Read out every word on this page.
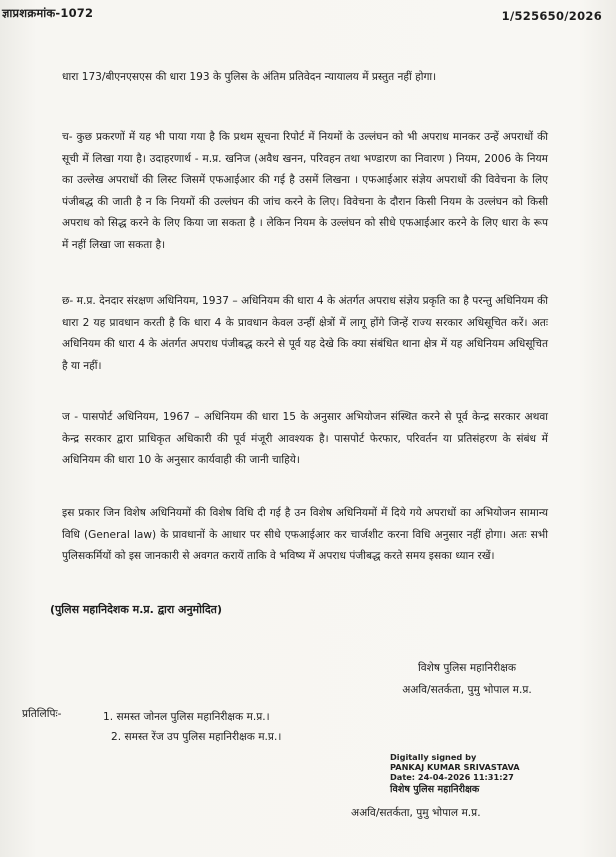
ज्ञाप्रशक्रमांक-1072	1/525650/2026
धारा 173/बीएनएसएस की धारा 193 के पुलिस के अंतिम प्रतिवेदन न्यायालय में प्रस्तुत नहीं होगा।
च- कुछ प्रकरणों में यह भी पाया गया है कि प्रथम सूचना रिपोर्ट में नियमों के उल्लंघन को भी अपराध मानकर उन्हें अपराधों की सूची में लिखा गया है। उदाहरणार्थ - म.प्र. खनिज (अवैध खनन, परिवहन तथा भण्डारण का निवारण ) नियम, 2006 के नियम का उल्लेख अपराधों की लिस्ट जिसमें एफआईआर की गई है उसमें लिखना । एफआईआर संज्ञेय अपराधों की विवेचना के लिए पंजीबद्ध की जाती है न कि नियमों की उल्लंघन की जांच करने के लिए। विवेचना के दौरान किसी नियम के उल्लंघन को किसी अपराध को सिद्ध करने के लिए किया जा सकता है । लेकिन नियम के उल्लंघन को सीधे एफआईआर करने के लिए धारा के रूप में नहीं लिखा जा सकता है।
छ- म.प्र. देनदार संरक्षण अधिनियम, 1937 – अधिनियम की धारा 4 के अंतर्गत अपराध संज्ञेय प्रकृति का है परन्तु अधिनियम की धारा 2 यह प्रावधान करती है कि धारा 4 के प्रावधान केवल उन्हीं क्षेत्रों में लागू होंगे जिन्हें राज्य सरकार अधिसूचित करें। अतः अधिनियम की धारा 4 के अंतर्गत अपराध पंजीबद्ध करने से पूर्व यह देखे कि क्या संबंधित थाना क्षेत्र में यह अधिनियम अधिसूचित है या नहीं।
ज - पासपोर्ट अधिनियम, 1967 – अधिनियम की धारा 15 के अनुसार अभियोजन संस्थित करने से पूर्व केन्द्र सरकार अथवा केन्द्र सरकार द्वारा प्राधिकृत अधिकारी की पूर्व मंजूरी आवश्यक है। पासपोर्ट फेरफार, परिवर्तन या प्रतिसंहरण के संबंध में अधिनियम की धारा 10 के अनुसार कार्यवाही की जानी चाहिये।
इस प्रकार जिन विशेष अधिनियमों की विशेष विधि दी गई है उन विशेष अधिनियमों में दिये गये अपराधों का अभियोजन सामान्य विधि (General law) के प्रावधानों के आधार पर सीधे एफआईआर कर चार्जशीट करना विधि अनुसार नहीं होगा। अतः सभी पुलिसकर्मियों को इस जानकारी से अवगत करायें ताकि वे भविष्य में अपराध पंजीबद्ध करते समय इसका ध्यान रखें।
(पुलिस महानिदेशक म.प्र. द्वारा अनुमोदित)
विशेष पुलिस महानिरीक्षक
अअवि/सतर्कता, पुमु भोपाल म.प्र.
प्रतिलिपिः-	1. समस्त जोनल पुलिस महानिरीक्षक म.प्र.।
2. समस्त रेंज उप पुलिस महानिरीक्षक म.प्र.।
Digitally signed by
PANKAJ KUMAR SRIVASTAVA
Date: 24-04-2026 11:31:27
विशेष पुलिस महानिरीक्षक
अअवि/सतर्कता, पुमु भोपाल म.प्र.
